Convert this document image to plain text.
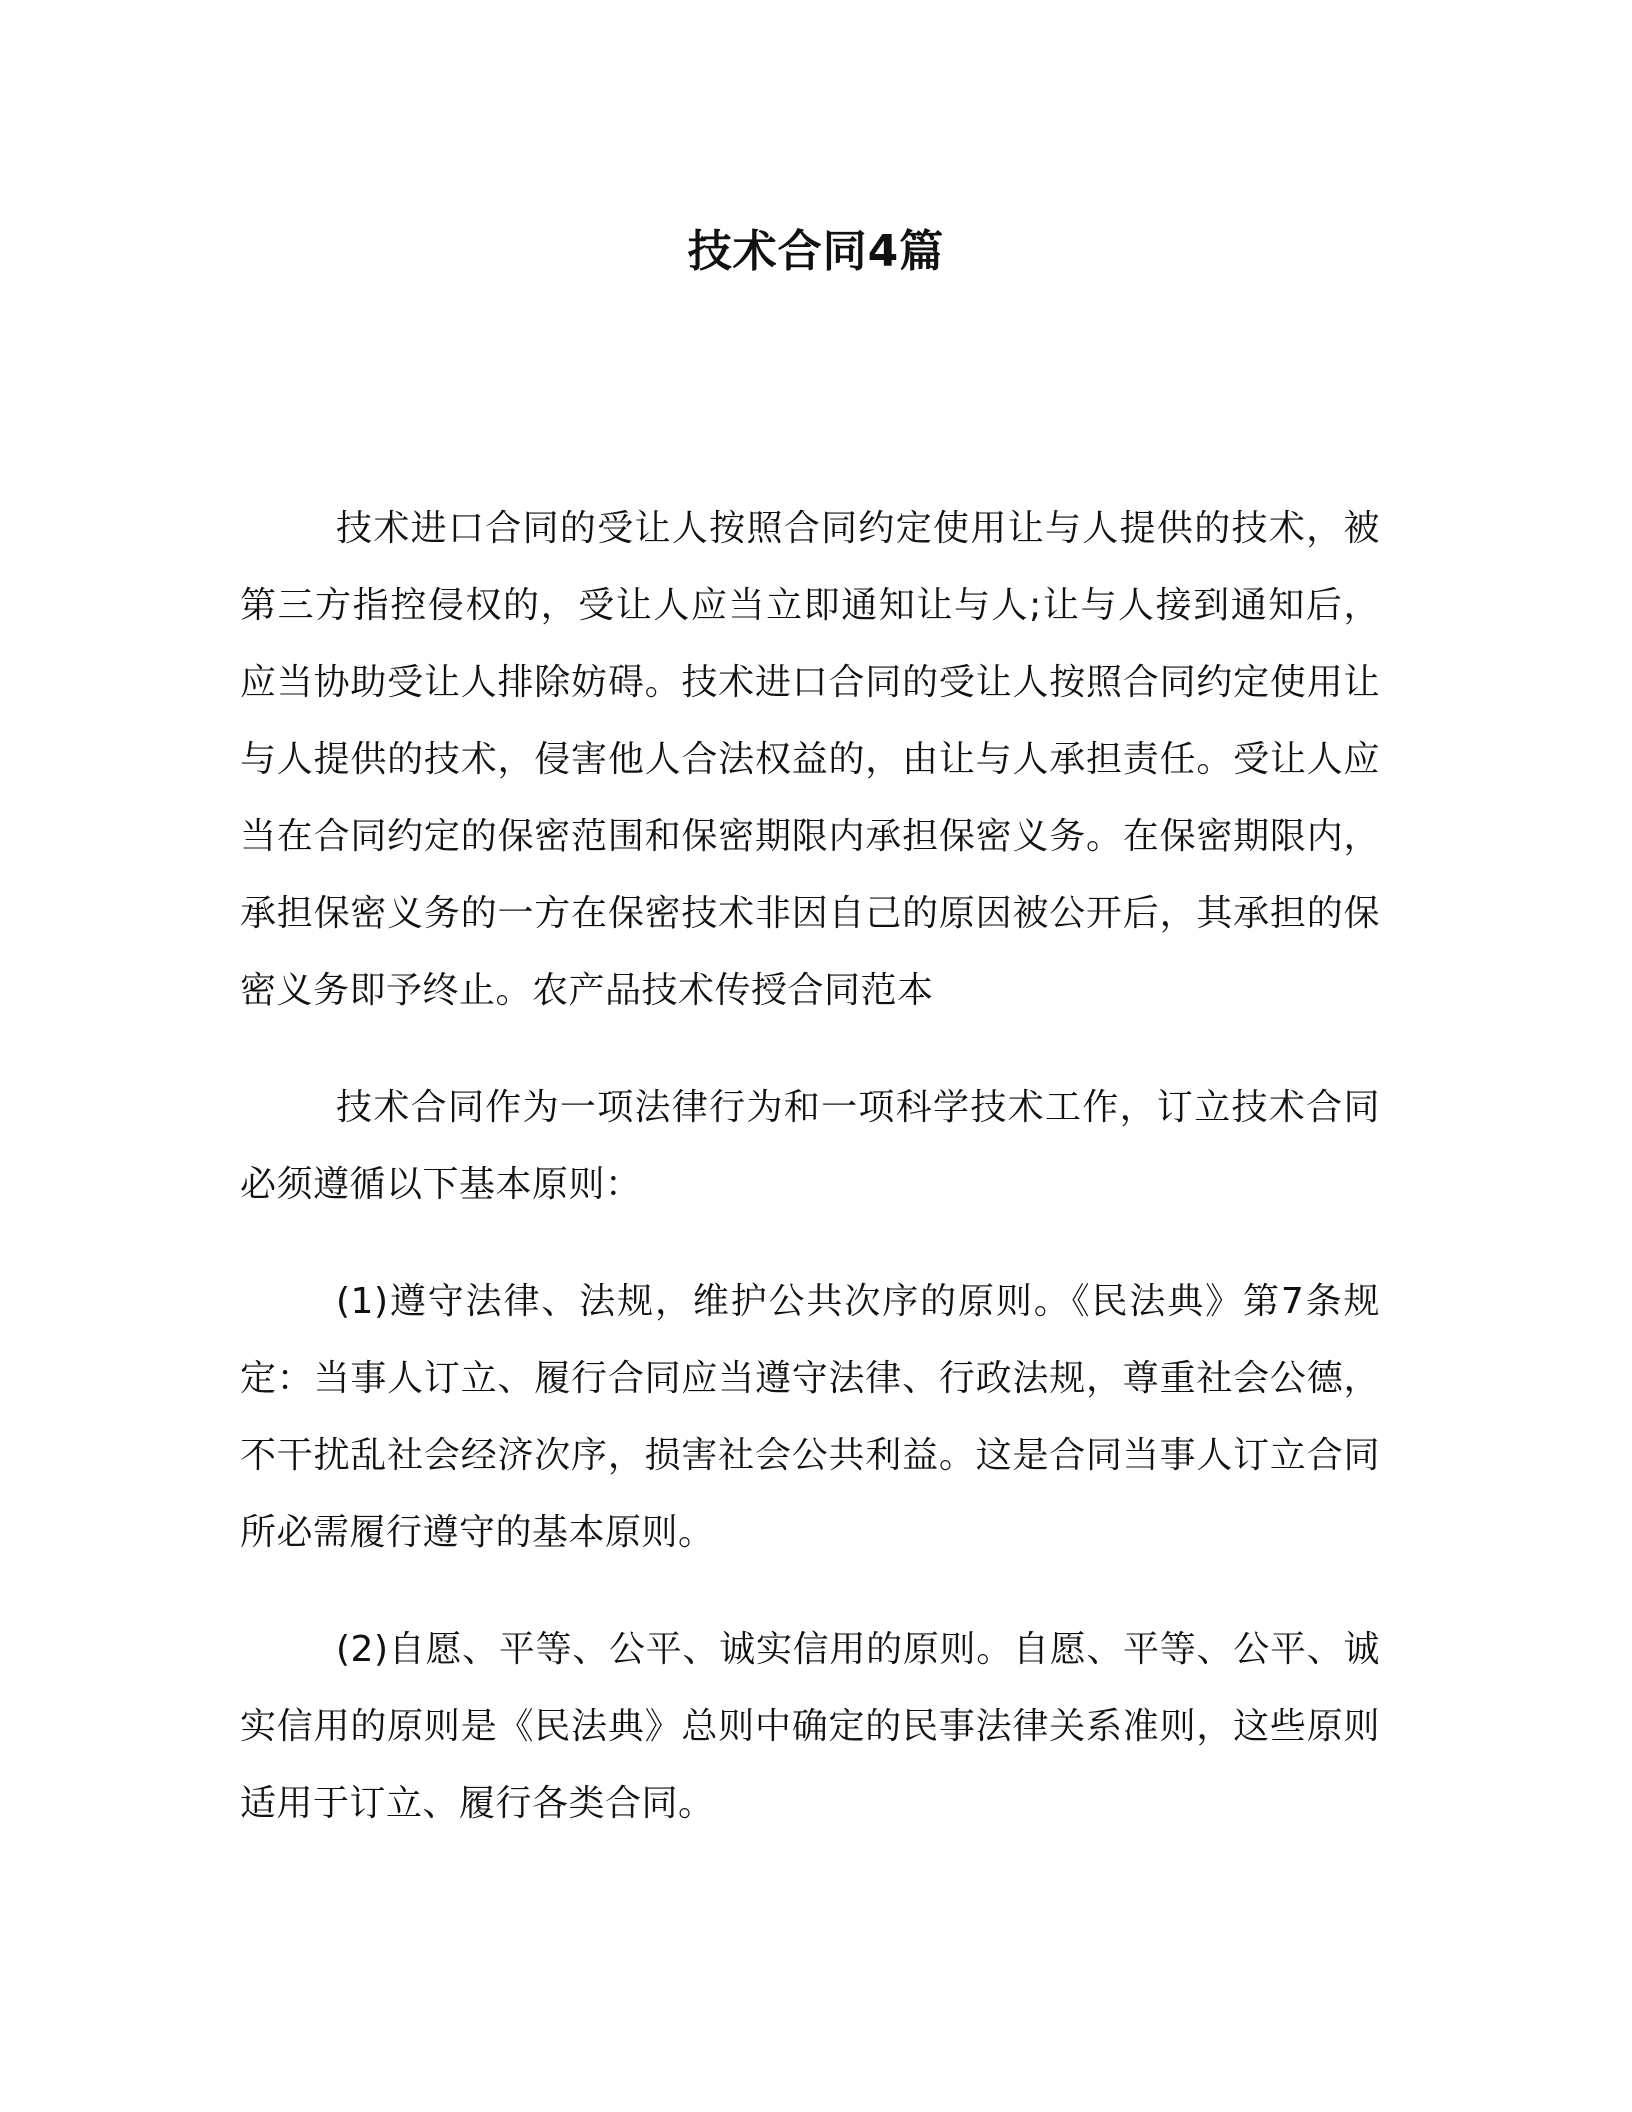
技术合同4篇

技术进口合同的受让人按照合同约定使用让与人提供的技术，被第三方指控侵权的，受让人应当立即通知让与人;让与人接到通知后，应当协助受让人排除妨碍。技术进口合同的受让人按照合同约定使用让与人提供的技术，侵害他人合法权益的，由让与人承担责任。受让人应当在合同约定的保密范围和保密期限内承担保密义务。在保密期限内，承担保密义务的一方在保密技术非因自己的原因被公开后，其承担的保密义务即予终止。农产品技术传授合同范本

技术合同作为一项法律行为和一项科学技术工作，订立技术合同必须遵循以下基本原则：

(1)遵守法律、法规，维护公共次序的原则。《民法典》第7条规定：当事人订立、履行合同应当遵守法律、行政法规，尊重社会公德，不干扰乱社会经济次序，损害社会公共利益。这是合同当事人订立合同所必需履行遵守的基本原则。

(2)自愿、平等、公平、诚实信用的原则。自愿、平等、公平、诚实信用的原则是《民法典》总则中确定的民事法律关系准则，这些原则适用于订立、履行各类合同。
